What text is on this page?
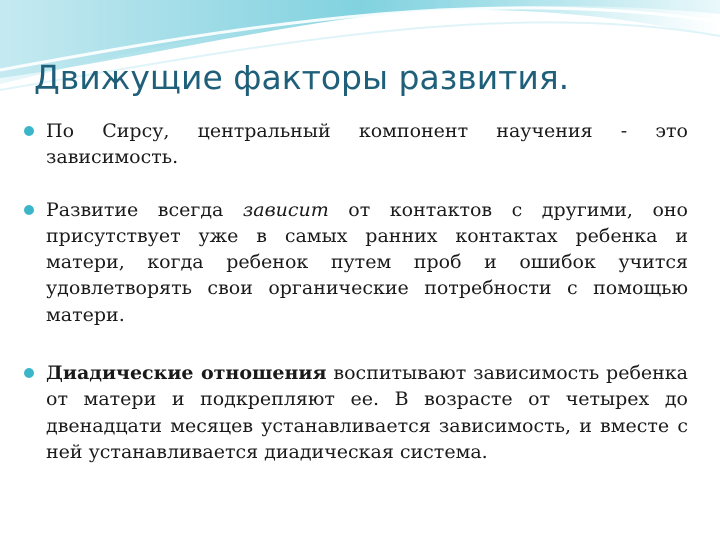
Движущие факторы развития.
По Сирсу, центральный компонент научения - это зависимость.
Развитие всегда зависит от контактов с другими, оно присутствует уже в самых ранних контактах ребенка и матери, когда ребенок путем проб и ошибок учится удовлетворять свои органические потребности с помощью матери.
Диадические отношения воспитывают зависимость ребенка от матери и подкрепляют ее. В возрасте от четырех до двенадцати месяцев устанавливается зависимость, и вместе с ней устанавливается диадическая система.
